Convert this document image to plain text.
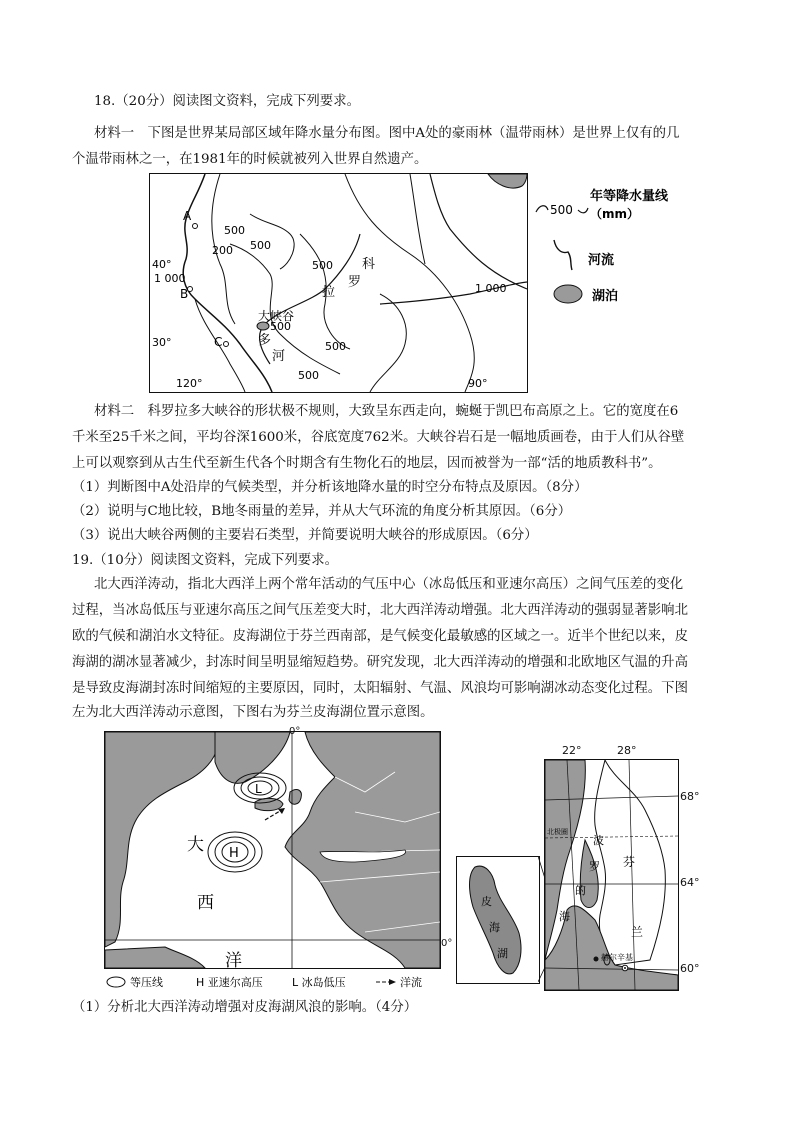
18.（20分）阅读图文资料，完成下列要求。
材料一　下图是世界某局部区域年降水量分布图。图中A处的豪雨林（温带雨林）是世界上仅有的几
个温带雨林之一，在1981年的时候就被列入世界自然遗产。
A
B
C
40°
30°
120°	90°
500
200 500
1 000
500
1 000
500
500
500
科
罗
拉
大峡谷
多
河
500
年等降水量线
（mm）
河流
湖泊
材料二　科罗拉多大峡谷的形状极不规则，大致呈东西走向，蜿蜒于凯巴布高原之上。它的宽度在6
千米至25千米之间，平均谷深1600米，谷底宽度762米。大峡谷岩石是一幅地质画卷，由于人们从谷壁
上可以观察到从古生代至新生代各个时期含有生物化石的地层，因而被誉为一部“活的地质教科书”。
（1）判断图中A处沿岸的气候类型，并分析该地降水量的时空分布特点及原因。（8分）
（2）说明与C地比较，B地冬雨量的差异，并从大气环流的角度分析其原因。（6分）
（3）说出大峡谷两侧的主要岩石类型，并简要说明大峡谷的形成原因。（6分）
19.（10分）阅读图文资料，完成下列要求。
北大西洋涛动，指北大西洋上两个常年活动的气压中心（冰岛低压和亚速尔高压）之间气压差的变化
过程，当冰岛低压与亚速尔高压之间气压差变大时，北大西洋涛动增强。北大西洋涛动的强弱显著影响北
欧的气候和湖泊水文特征。皮海湖位于芬兰西南部，是气候变化最敏感的区域之一。近半个世纪以来，皮
海湖的湖冰显著减少，封冻时间呈明显缩短趋势。研究发现，北大西洋涛动的增强和北欧地区气温的升高
是导致皮海湖封冻时间缩短的主要原因，同时，太阳辐射、气温、风浪均可影响湖冰动态变化过程。下图
左为北大西洋涛动示意图，下图右为芬兰皮海湖位置示意图。
L
H
大
西
洋
0°
0°
等压线	H 亚速尔高压	L 冰岛低压	洋流
皮
海
湖
北极圈
波
罗
的
海
芬
兰
赫尔辛基
22°	28°
68°
64°
60°
（1）分析北大西洋涛动增强对皮海湖风浪的影响。（4分）
